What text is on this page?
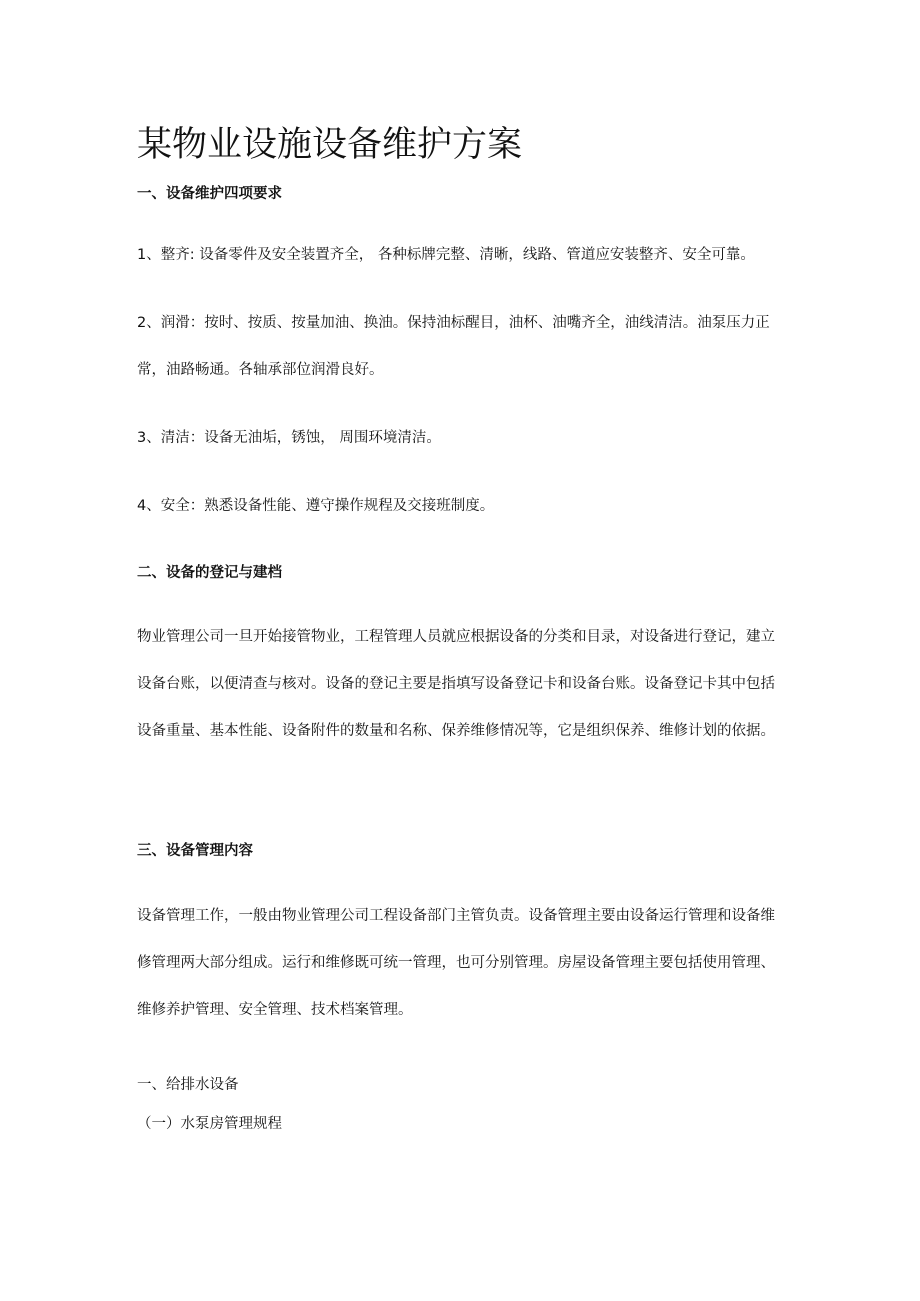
某物业设施设备维护方案

一、设备维护四项要求

1、整齐: 设备零件及安全装置齐全， 各种标牌完整、清晰，线路、管道应安装整齐、安全可靠。

2、润滑：按时、按质、按量加油、换油。保持油标醒目，油杯、油嘴齐全，油线清洁。油泵压力正常，油路畅通。各轴承部位润滑良好。

3、清洁：设备无油垢，锈蚀， 周围环境清洁。

4、安全：熟悉设备性能、遵守操作规程及交接班制度。

二、设备的登记与建档

物业管理公司一旦开始接管物业，工程管理人员就应根据设备的分类和目录，对设备进行登记，建立设备台账，以便清查与核对。设备的登记主要是指填写设备登记卡和设备台账。设备登记卡其中包括设备重量、基本性能、设备附件的数量和名称、保养维修情况等，它是组织保养、维修计划的依据。

三、设备管理内容

设备管理工作，一般由物业管理公司工程设备部门主管负责。设备管理主要由设备运行管理和设备维修管理两大部分组成。运行和维修既可统一管理，也可分别管理。房屋设备管理主要包括使用管理、维修养护管理、安全管理、技术档案管理。

一、给排水设备

（一）水泵房管理规程
